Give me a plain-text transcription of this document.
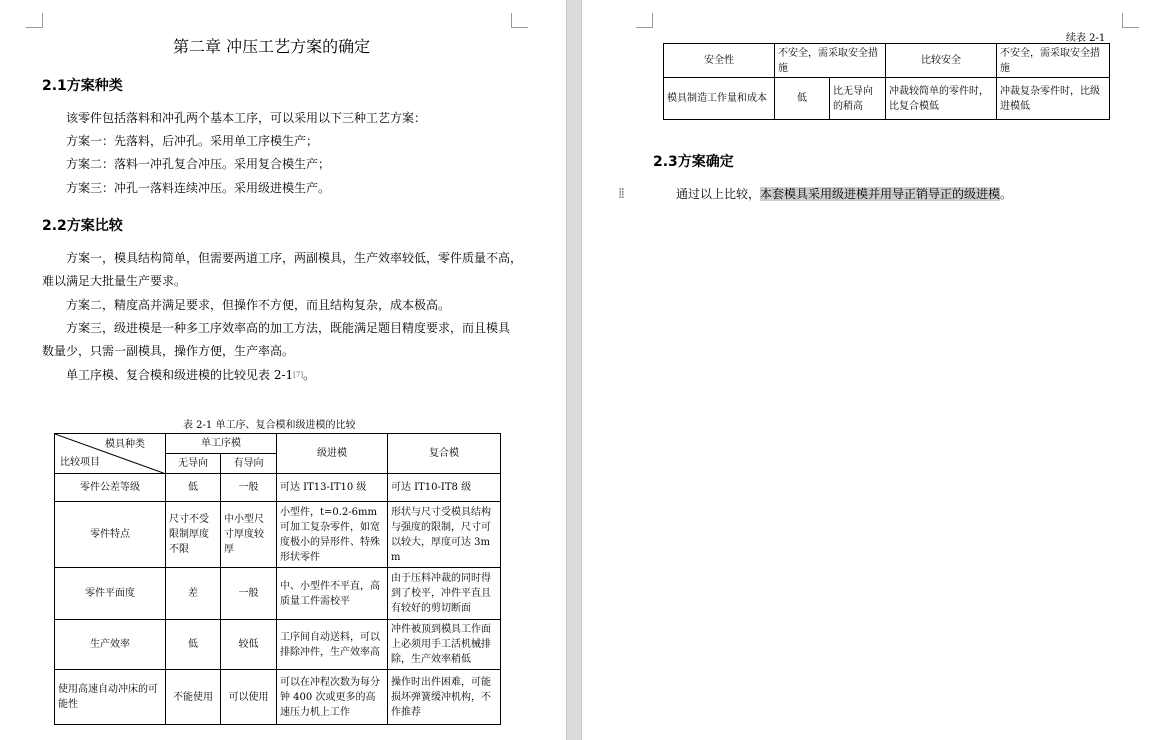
第二章 冲压工艺方案的确定
2.1方案种类
该零件包括落料和冲孔两个基本工序，可以采用以下三种工艺方案：
方案一：先落料，后冲孔。采用单工序模生产；
方案二：落料一冲孔复合冲压。采用复合模生产；
方案三：冲孔一落料连续冲压。采用级进模生产。
2.2方案比较
方案一，模具结构简单，但需要两道工序，两副模具，生产效率较低，零件质量不高，
难以满足大批量生产要求。
方案二，精度高并满足要求，但操作不方便，而且结构复杂，成本极高。
方案三，级进模是一种多工序效率高的加工方法，既能满足题目精度要求，而且模具
数量少，只需一副模具，操作方便，生产率高。
单工序模、复合模和级进模的比较见表 2-1[7]。
表 2-1 单工序、复合模和级进模的比较
模具种类
比较项目	单工序模		级进模	复合模
	无导向	有导向		
零件公差等级	低	一般	可达 IT13-IT10 级	可达 IT10-IT8 级
零件特点	尺寸不受限制厚度不限	中小型尺寸厚度较厚	小型件，t=0.2-6mm 可加工复杂零件，如宽度极小的异形件、特殊形状零件	形状与尺寸受模具结构与强度的限制，尺寸可以较大，厚度可达 3mm
零件平面度	差	一般	中、小型件不平直，高质量工件需校平	由于压料冲裁的同时得到了校平，冲件平直且有较好的剪切断面
生产效率	低	较低	工序间自动送料，可以排除冲件，生产效率高	冲件被顶到模具工作面上必须用手工活机械排除，生产效率稍低
使用高速自动冲床的可能性	不能使用	可以使用	可以在冲程次数为每分钟 400 次或更多的高速压力机上工作	操作时出件困难，可能损坏弹簧缓冲机构，不作推荐
续表 2-1
安全性	不安全，需采取安全措施		比较安全	不安全，需采取安全措施
模具制造工作量和成本	低	比无导向的稍高	冲裁较简单的零件时，比复合模低	冲裁复杂零件时，比级进模低
2.3方案确定
通过以上比较，本套模具采用级进模并用导正销导正的级进模。
⁞⁞
